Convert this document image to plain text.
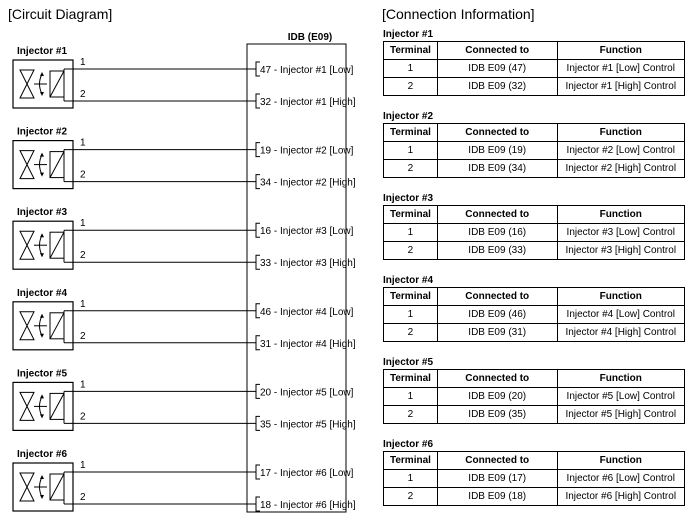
[Circuit Diagram]	[Connection Information]
IDB (E09)
Injector #1
1
47 - Injector #1 [Low]
2
32 - Injector #1 [High]
Injector #2
1
19 - Injector #2 [Low]
2
34 - Injector #2 [High]
Injector #3
1
16 - Injector #3 [Low]
2
33 - Injector #3 [High]
Injector #4
1
46 - Injector #4 [Low]
2
31 - Injector #4 [High]
Injector #5
1
20 - Injector #5 [Low]
2
35 - Injector #5 [High]
Injector #6
1
17 - Injector #6 [Low]
2
18 - Injector #6 [High]
Injector #1
Terminal	Connected to	Function
1	IDB E09 (47)	Injector #1 [Low] Control
2	IDB E09 (32)	Injector #1 [High] Control
Injector #2
Terminal	Connected to	Function
1	IDB E09 (19)	Injector #2 [Low] Control
2	IDB E09 (34)	Injector #2 [High] Control
Injector #3
Terminal	Connected to	Function
1	IDB E09 (16)	Injector #3 [Low] Control
2	IDB E09 (33)	Injector #3 [High] Control
Injector #4
Terminal	Connected to	Function
1	IDB E09 (46)	Injector #4 [Low] Control
2	IDB E09 (31)	Injector #4 [High] Control
Injector #5
Terminal	Connected to	Function
1	IDB E09 (20)	Injector #5 [Low] Control
2	IDB E09 (35)	Injector #5 [High] Control
Injector #6
Terminal	Connected to	Function
1	IDB E09 (17)	Injector #6 [Low] Control
2	IDB E09 (18)	Injector #6 [High] Control
